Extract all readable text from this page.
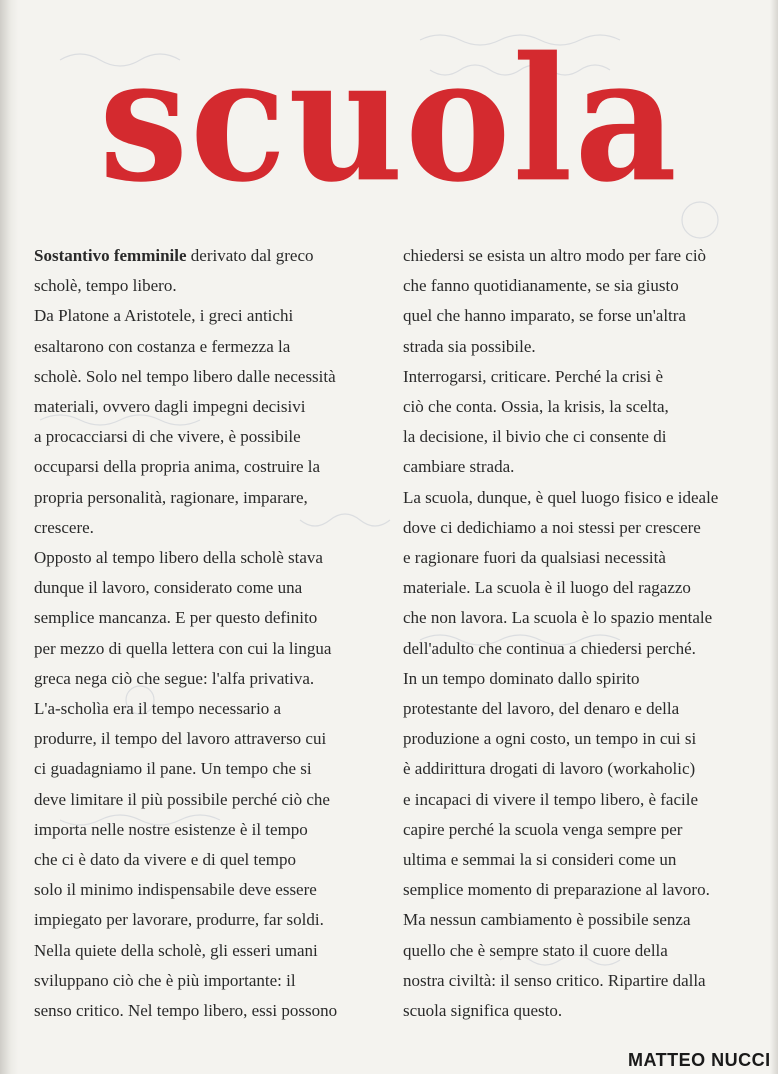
scuola
Sostantivo femminile derivato dal greco
scholè, tempo libero.
Da Platone a Aristotele, i greci antichi
esaltarono con costanza e fermezza la
scholè. Solo nel tempo libero dalle necessità
materiali, ovvero dagli impegni decisivi
a procacciarsi di che vivere, è possibile
occuparsi della propria anima, costruire la
propria personalità, ragionare, imparare,
crescere.
Opposto al tempo libero della scholè stava
dunque il lavoro, considerato come una
semplice mancanza. E per questo definito
per mezzo di quella lettera con cui la lingua
greca nega ciò che segue: l'alfa privativa.
L'a-scholìa era il tempo necessario a
produrre, il tempo del lavoro attraverso cui
ci guadagniamo il pane. Un tempo che si
deve limitare il più possibile perché ciò che
importa nelle nostre esistenze è il tempo
che ci è dato da vivere e di quel tempo
solo il minimo indispensabile deve essere
impiegato per lavorare, produrre, far soldi.
Nella quiete della scholè, gli esseri umani
sviluppano ciò che è più importante: il
senso critico. Nel tempo libero, essi possono
chiedersi se esista un altro modo per fare ciò
che fanno quotidianamente, se sia giusto
quel che hanno imparato, se forse un'altra
strada sia possibile.
Interrogarsi, criticare. Perché la crisi è
ciò che conta. Ossia, la krisis, la scelta,
la decisione, il bivio che ci consente di
cambiare strada.
La scuola, dunque, è quel luogo fisico e ideale
dove ci dedichiamo a noi stessi per crescere
e ragionare fuori da qualsiasi necessità
materiale. La scuola è il luogo del ragazzo
che non lavora. La scuola è lo spazio mentale
dell'adulto che continua a chiedersi perché.
In un tempo dominato dallo spirito
protestante del lavoro, del denaro e della
produzione a ogni costo, un tempo in cui si
è addirittura drogati di lavoro (workaholic)
e incapaci di vivere il tempo libero, è facile
capire perché la scuola venga sempre per
ultima e semmai la si consideri come un
semplice momento di preparazione al lavoro.
Ma nessun cambiamento è possibile senza
quello che è sempre stato il cuore della
nostra civiltà: il senso critico. Ripartire dalla
scuola significa questo.
MATTEO NUCCI
